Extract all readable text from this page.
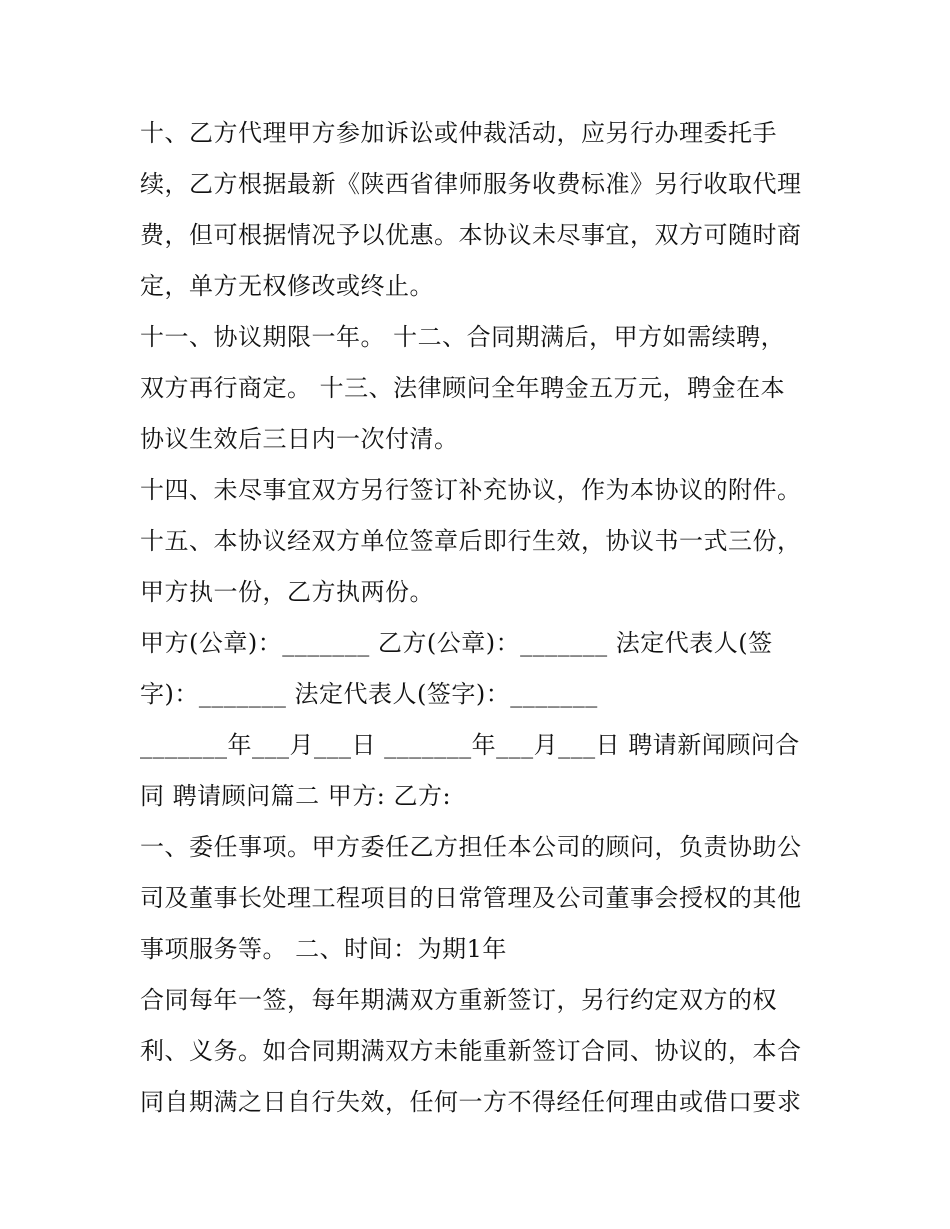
十、乙方代理甲方参加诉讼或仲裁活动，应另行办理委托手
续，乙方根据最新《陕西省律师服务收费标准》另行收取代理
费，但可根据情况予以优惠。本协议未尽事宜，双方可随时商
定，单方无权修改或终止。
十一、协议期限一年。 十二、合同期满后，甲方如需续聘，
双方再行商定。 十三、法律顾问全年聘金五万元，聘金在本
协议生效后三日内一次付清。
十四、未尽事宜双方另行签订补充协议，作为本协议的附件。
十五、本协议经双方单位签章后即行生效，协议书一式三份，
甲方执一份，乙方执两份。
甲方(公章)：_______ 乙方(公章)：_______ 法定代表人(签
字)：_______ 法定代表人(签字)：_______
_______年___月___日 _______年___月___日 聘请新闻顾问合
同 聘请顾问篇二 甲方: 乙方:
一、委任事项。甲方委任乙方担任本公司的顾问，负责协助公
司及董事长处理工程项目的日常管理及公司董事会授权的其他
事项服务等。 二、时间：为期1年
合同每年一签，每年期满双方重新签订，另行约定双方的权
利、义务。如合同期满双方未能重新签订合同、协议的，本合
同自期满之日自行失效，任何一方不得经任何理由或借口要求
